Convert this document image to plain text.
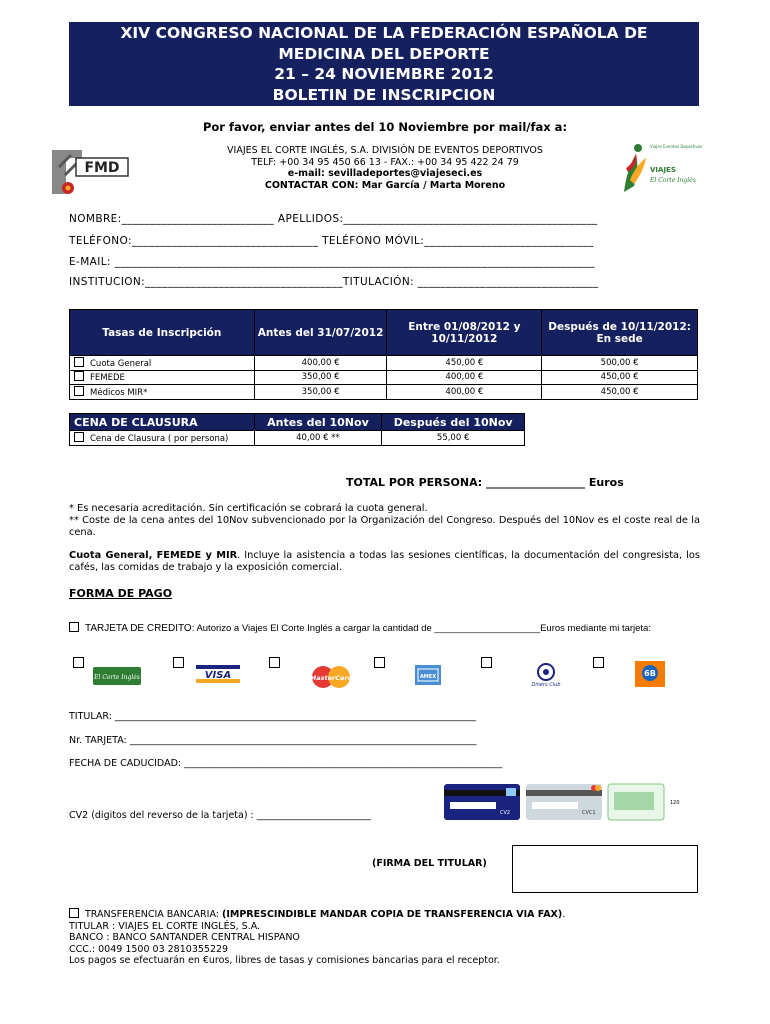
XIV CONGRESO NACIONAL DE LA FEDERACIÓN ESPAÑOLA DE
MEDICINA DEL DEPORTE
21 – 24 NOVIEMBRE 2012
BOLETIN DE INSCRIPCION
FMD
Por favor, enviar antes del 10 Noviembre por mail/fax a:
VIAJES EL CORTE INGLÉS, S.A. DIVISIÓN DE EVENTOS DEPORTIVOS
TELF: +00 34 95 450 66 13 - FAX.: +00 34 95 422 24 79
e-mail: sevilladeportes@viajeseci.es
CONTACTAR CON: Mar García / Marta Moreno
Viajes Eventos Deportivos
VIAJES
El Corte Inglés
NOMBRE:___________________________ APELLIDOS:_____________________________________________
TELÉFONO:_________________________________ TELÉFONO MÓVIL:______________________________
E-MAIL: _____________________________________________________________________________________
INSTITUCION:___________________________________TITULACIÓN: ________________________________
Tasas de Inscripción	Antes del 31/07/2012	Entre 01/08/2012 y 10/11/2012	Después de 10/11/2012: En sede
Cuota General	400,00 €	450,00 €	500,00 €
FEMEDE	350,00 €	400,00 €	450,00 €
Médicos MIR*	350,00 €	400,00 €	450,00 €
CENA DE CLAUSURA	Antes del 10Nov	Después del 10Nov
Cena de Clausura ( por persona)	40,00 € **	55,00 €
TOTAL POR PERSONA: __________________ Euros
* Es necesaria acreditación. Sin certificación se cobrará la cuota general.
** Coste de la cena antes del 10Nov subvencionado por la Organización del Congreso. Después del 10Nov es el coste real de la cena.
Cuota General, FEMEDE y MIR. Incluye la asistencia a todas las sesiones científicas, la documentación del congresista, los cafés, las comidas de trabajo y la exposición comercial.
FORMA DE PAGO
TARJETA DE CREDITO: Autorizo a Viajes El Corte Inglés a cargar la cantidad de ____________________Euros mediante mi tarjeta:
El Corte Inglés	VISA	MasterCard	AMEX
Diners Club
6B
TITULAR: ____________________________________________________________________________
Nr. TARJETA: _________________________________________________________________________
FECHA DE CADUCIDAD: ___________________________________________________________________
CV2 (digitos del reverso de la tarjeta) : ________________________	CV2	CVC1
120
(FIRMA DEL TITULAR)
TRANSFERENCIA BANCARIA: (IMPRESCINDIBLE MANDAR COPIA DE TRANSFERENCIA VIA FAX).
TITULAR : VIAJES EL CORTE INGLÉS, S.A.
BANCO : BANCO SANTANDER CENTRAL HISPANO
CCC.: 0049 1500 03 2810355229
Los pagos se efectuarán en €uros, libres de tasas y comisiones bancarias para el receptor.
